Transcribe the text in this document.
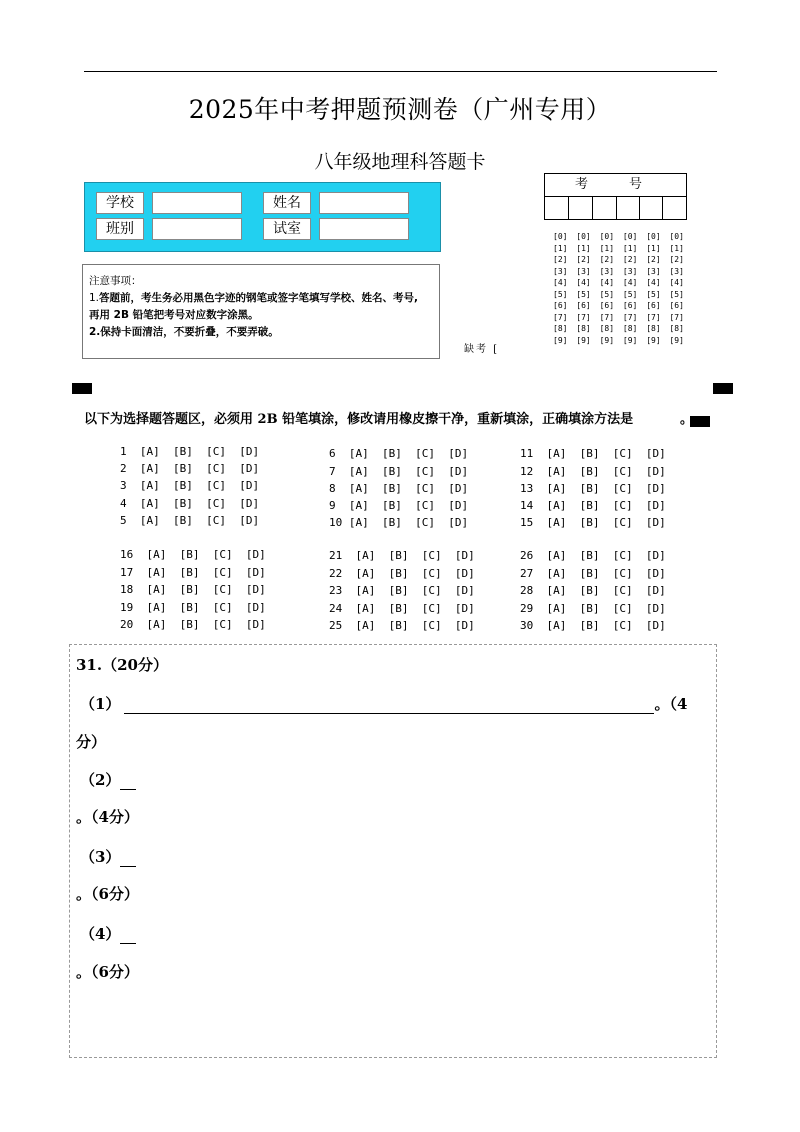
2025年中考押题预测卷（广州专用）
八年级地理科答题卡
学校	姓名
班别	试室
考　号
[0] [0] [0] [0] [0] [0]
[1] [1] [1] [1] [1] [1]
[2] [2] [2] [2] [2] [2]
[3] [3] [3] [3] [3] [3]
[4] [4] [4] [4] [4] [4]
[5] [5] [5] [5] [5] [5]
[6] [6] [6] [6] [6] [6]
[7] [7] [7] [7] [7] [7]
[8] [8] [8] [8] [8] [8]
[9] [9] [9] [9] [9] [9]
注意事项：
1.答题前，考生务必用黑色字迹的钢笔或签字笔填写学校、姓名、考号,
再用 2B 铅笔把考号对应数字涂黑。
2.保持卡面清洁，不要折叠，不要弄破。
缺考 [
以下为选择题答题区，必须用 2B 铅笔填涂，修改请用橡皮擦干净，重新填涂，正确填涂方法是	。
1  [A]  [B]  [C]  [D]
2  [A]  [B]  [C]  [D]
3  [A]  [B]  [C]  [D]
4  [A]  [B]  [C]  [D]
5  [A]  [B]  [C]  [D]
6  [A]  [B]  [C]  [D]
7  [A]  [B]  [C]  [D]
8  [A]  [B]  [C]  [D]
9  [A]  [B]  [C]  [D]
10 [A]  [B]  [C]  [D]
11  [A]  [B]  [C]  [D]
12  [A]  [B]  [C]  [D]
13  [A]  [B]  [C]  [D]
14  [A]  [B]  [C]  [D]
15  [A]  [B]  [C]  [D]
16  [A]  [B]  [C]  [D]
17  [A]  [B]  [C]  [D]
18  [A]  [B]  [C]  [D]
19  [A]  [B]  [C]  [D]
20  [A]  [B]  [C]  [D]
21  [A]  [B]  [C]  [D]
22  [A]  [B]  [C]  [D]
23  [A]  [B]  [C]  [D]
24  [A]  [B]  [C]  [D]
25  [A]  [B]  [C]  [D]
26  [A]  [B]  [C]  [D]
27  [A]  [B]  [C]  [D]
28  [A]  [B]  [C]  [D]
29  [A]  [B]  [C]  [D]
30  [A]  [B]  [C]  [D]
31.（20分）
（1）	。（4
分）
（2）
。（4分）
（3）
。（6分）
（4）
。（6分）
